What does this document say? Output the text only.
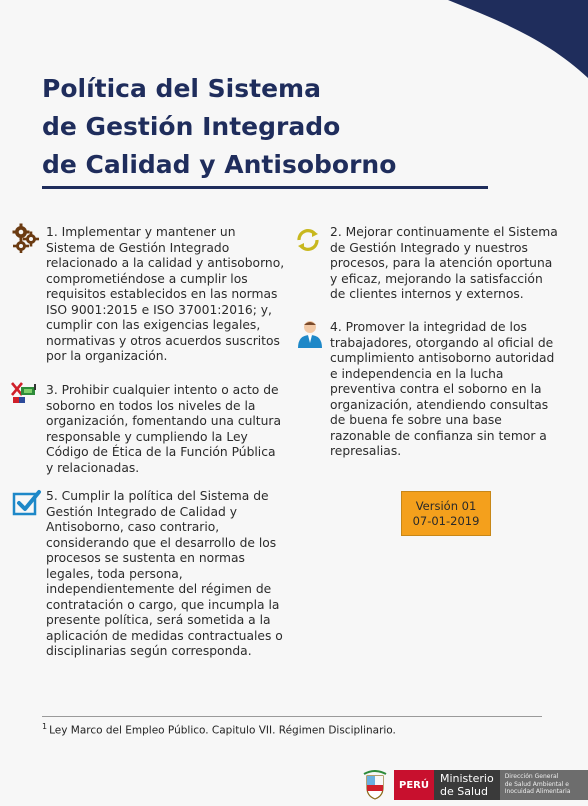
Política del Sistema
de Gestión Integrado
de Calidad y Antisoborno

1. Implementar y mantener un Sistema de Gestión Integrado relacionado a la calidad y antisoborno, comprometiéndose a cumplir los requisitos establecidos en las normas ISO 9001:2015 e ISO 37001:2016; y, cumplir con las exigencias legales, normativas y otros acuerdos suscritos por la organización.

2. Mejorar continuamente el Sistema de Gestión Integrado y nuestros procesos, para la atención oportuna y eficaz, mejorando la satisfacción de clientes internos y externos.

3. Prohibir cualquier intento o acto de soborno en todos los niveles de la organización, fomentando una cultura responsable y cumpliendo la Ley Código de Ética de la Función Pública y relacionadas.

4. Promover la integridad de los trabajadores, otorgando al oficial de cumplimiento antisoborno autoridad e independencia en la lucha preventiva contra el soborno en la organización, atendiendo consultas de buena fe sobre una base razonable de confianza sin temor a represalias.

5. Cumplir la política del Sistema de Gestión Integrado de Calidad y Antisoborno, caso contrario, considerando que el desarrollo de los procesos se sustenta en normas legales, toda persona, independientemente del régimen de contratación o cargo, que incumpla la presente política, será sometida a la aplicación de medidas contractuales o disciplinarias según corresponda.

Versión 01
07-01-2019
$^1$ Ley Marco del Empleo Público. Capitulo VII. Régimen Disciplinario.
PERÚ	Ministerio
de Salud
Dirección General
de Salud Ambiental e
Inocuidad Alimentaria
